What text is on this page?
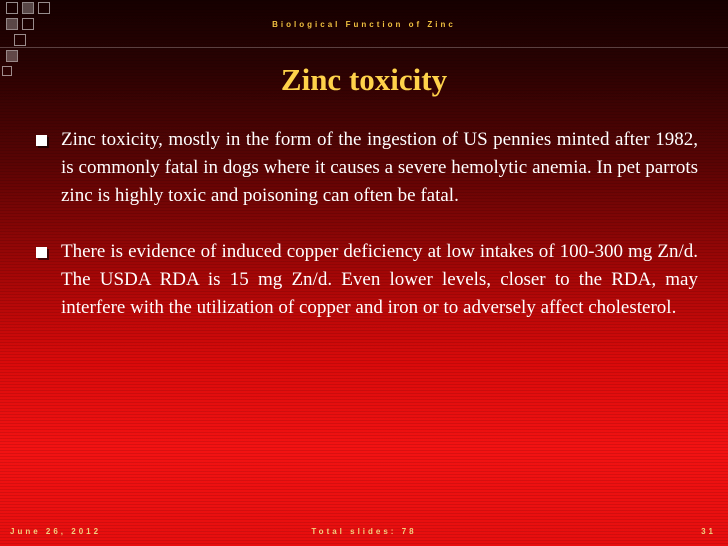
Biological Function of Zinc
Zinc toxicity
Zinc toxicity, mostly in the form of the ingestion of US pennies minted after 1982, is commonly fatal in dogs where it causes a severe hemolytic anemia. In pet parrots zinc is highly toxic and poisoning can often be fatal.
There is evidence of induced copper deficiency at low intakes of 100-300 mg Zn/d. The USDA RDA is 15 mg Zn/d. Even lower levels, closer to the RDA, may interfere with the utilization of copper and iron or to adversely affect cholesterol.
June 26, 2012	Total slides: 78	31
